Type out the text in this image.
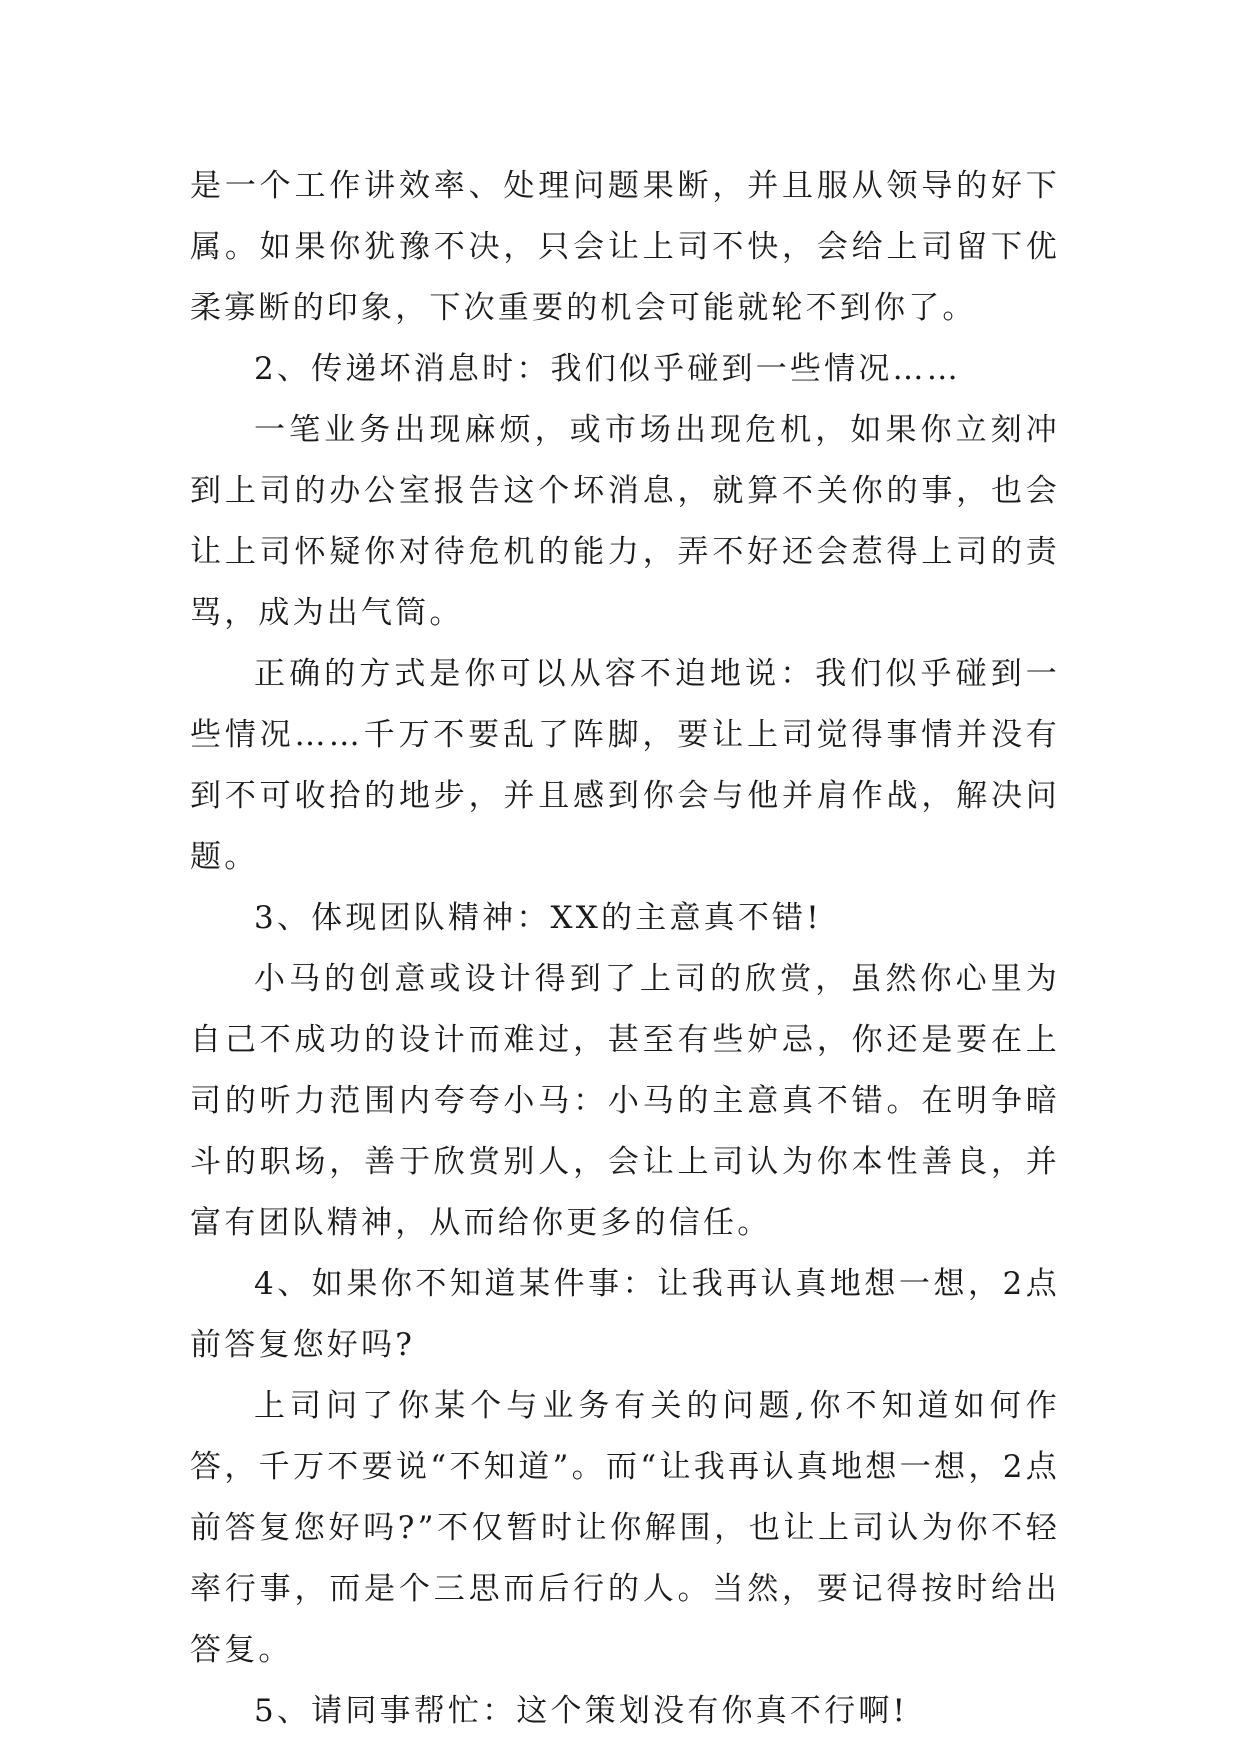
是一个工作讲效率、处理问题果断，并且服从领导的好下属。如果你犹豫不决，只会让上司不快，会给上司留下优柔寡断的印象，下次重要的机会可能就轮不到你了。

2、传递坏消息时：我们似乎碰到一些情况……

一笔业务出现麻烦，或市场出现危机，如果你立刻冲到上司的办公室报告这个坏消息，就算不关你的事，也会让上司怀疑你对待危机的能力，弄不好还会惹得上司的责骂，成为出气筒。

正确的方式是你可以从容不迫地说：我们似乎碰到一些情况……千万不要乱了阵脚，要让上司觉得事情并没有到不可收拾的地步，并且感到你会与他并肩作战，解决问题。

3、体现团队精神：XX的主意真不错!

小马的创意或设计得到了上司的欣赏，虽然你心里为自己不成功的设计而难过，甚至有些妒忌，你还是要在上司的听力范围内夸夸小马：小马的主意真不错。在明争暗斗的职场，善于欣赏别人，会让上司认为你本性善良，并富有团队精神，从而给你更多的信任。

4、如果你不知道某件事：让我再认真地想一想，2点前答复您好吗?

上司问了你某个与业务有关的问题,你不知道如何作答，千万不要说“不知道”。而“让我再认真地想一想，2点前答复您好吗?”不仅暂时让你解围，也让上司认为你不轻率行事，而是个三思而后行的人。当然，要记得按时给出答复。

5、请同事帮忙：这个策划没有你真不行啊!
